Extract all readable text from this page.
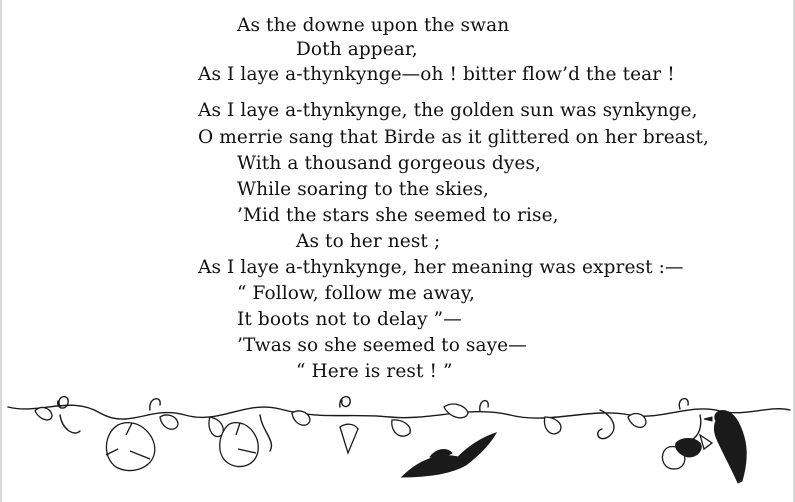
As the downe upon the swan
Doth appear,
As I laye a-thynkynge—oh ! bitter flow’d the tear !
As I laye a-thynkynge, the golden sun was synkynge,
O merrie sang that Birde as it glittered on her breast,
With a thousand gorgeous dyes,
While soaring to the skies,
’Mid the stars she seemed to rise,
As to her nest ;
As I laye a-thynkynge, her meaning was exprest :—
“ Follow, follow me away,
It boots not to delay ”—
’Twas so she seemed to saye—
“ Here is rest ! ”
